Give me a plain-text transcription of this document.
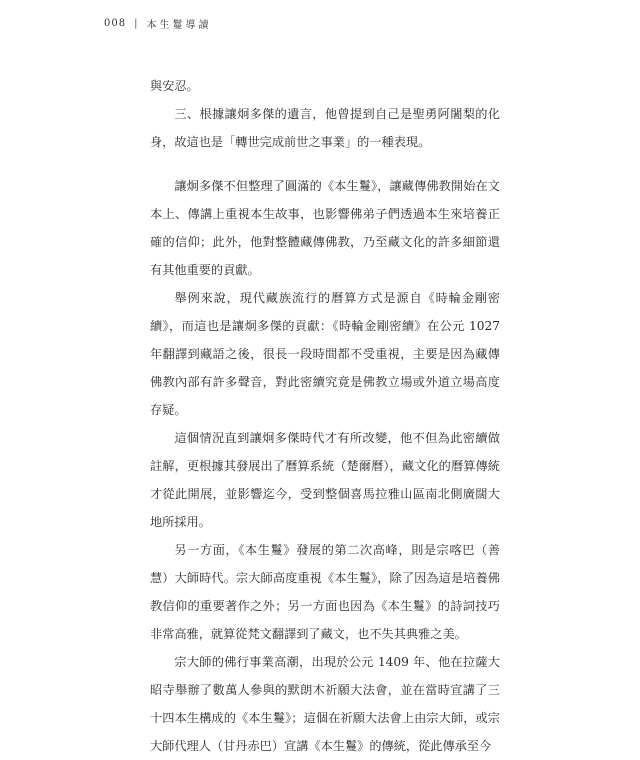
008 | 本生鬘導讀

與安忍。

三、根據讓炯多傑的遺言，他曾提到自己是聖勇阿闍梨的化身，故這也是「轉世完成前世之事業」的一種表現。

讓炯多傑不但整理了圓滿的《本生鬘》，讓藏傳佛教開始在文本上、傳講上重視本生故事，也影響佛弟子們透過本生來培養正確的信仰；此外，他對整體藏傳佛教，乃至藏文化的許多細節還有其他重要的貢獻。

舉例來說，現代藏族流行的曆算方式是源自《時輪金剛密續》，而這也是讓炯多傑的貢獻：《時輪金剛密續》在公元 1027 年翻譯到藏語之後，很長一段時間都不受重視，主要是因為藏傳佛教內部有許多聲音，對此密續究竟是佛教立場或外道立場高度存疑。

這個情況直到讓炯多傑時代才有所改變，他不但為此密續做註解，更根據其發展出了曆算系統（楚爾曆），藏文化的曆算傳統才從此開展，並影響迄今，受到整個喜馬拉雅山區南北側廣闊大地所採用。

另一方面，《本生鬘》發展的第二次高峰，則是宗喀巴（善慧）大師時代。宗大師高度重視《本生鬘》，除了因為這是培養佛教信仰的重要著作之外；另一方面也因為《本生鬘》的詩詞技巧非常高雅，就算從梵文翻譯到了藏文，也不失其典雅之美。

宗大師的佛行事業高潮，出現於公元 1409 年、他在拉薩大昭寺舉辦了數萬人參與的默朗木祈願大法會，並在當時宣講了三十四本生構成的《本生鬘》；這個在祈願大法會上由宗大師，或宗大師代理人（甘丹赤巴）宣講《本生鬘》的傳統，從此傳承至今
